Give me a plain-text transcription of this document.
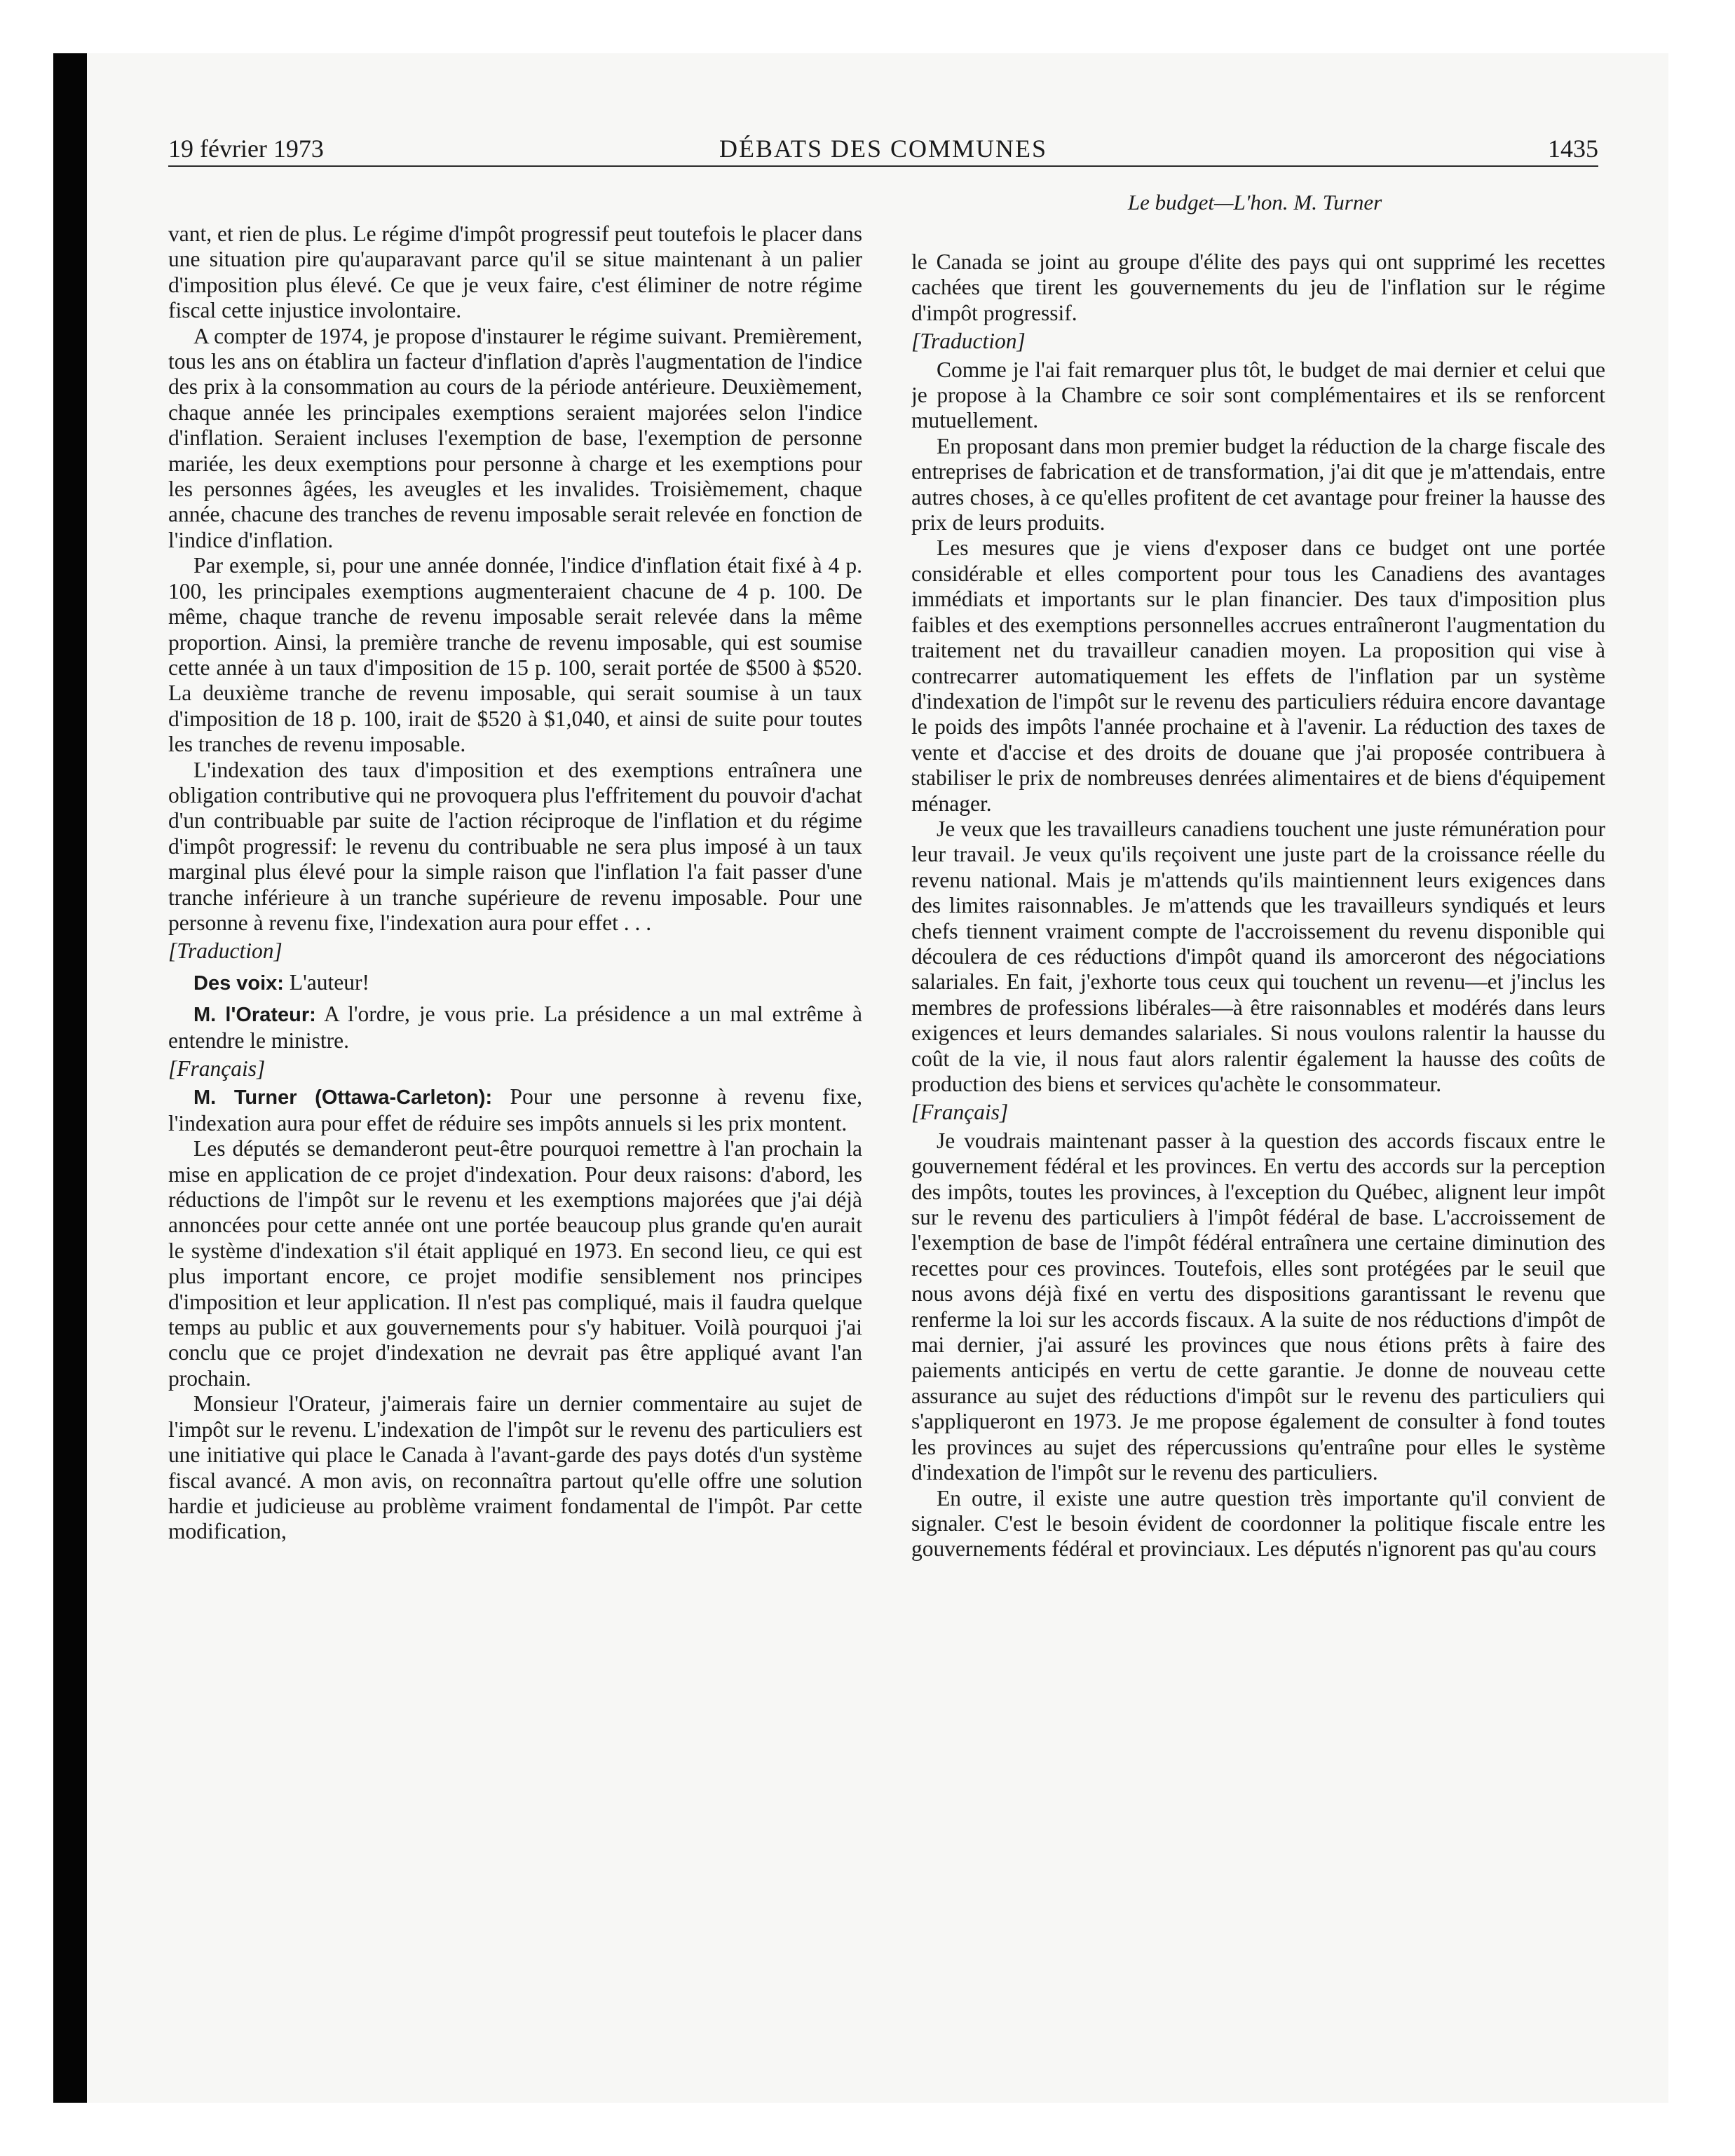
19 février 1973	DÉBATS DES COMMUNES	1435
Le budget—L'hon. M. Turner

vant, et rien de plus. Le régime d'impôt progressif peut toutefois le placer dans une situation pire qu'auparavant parce qu'il se situe maintenant à un palier d'imposition plus élevé. Ce que je veux faire, c'est éliminer de notre régime fiscal cette injustice involontaire.

A compter de 1974, je propose d'instaurer le régime suivant. Premièrement, tous les ans on établira un facteur d'inflation d'après l'augmentation de l'indice des prix à la consommation au cours de la période antérieure. Deuxièmement, chaque année les principales exemptions seraient majorées selon l'indice d'inflation. Seraient incluses l'exemption de base, l'exemption de personne mariée, les deux exemptions pour personne à charge et les exemptions pour les personnes âgées, les aveugles et les invalides. Troisièmement, chaque année, chacune des tranches de revenu imposable serait relevée en fonction de l'indice d'inflation.

Par exemple, si, pour une année donnée, l'indice d'inflation était fixé à 4 p. 100, les principales exemptions augmenteraient chacune de 4 p. 100. De même, chaque tranche de revenu imposable serait relevée dans la même proportion. Ainsi, la première tranche de revenu imposable, qui est soumise cette année à un taux d'imposition de 15 p. 100, serait portée de $500 à $520. La deuxième tranche de revenu imposable, qui serait soumise à un taux d'imposition de 18 p. 100, irait de $520 à $1,040, et ainsi de suite pour toutes les tranches de revenu imposable.

L'indexation des taux d'imposition et des exemptions entraînera une obligation contributive qui ne provoquera plus l'effritement du pouvoir d'achat d'un contribuable par suite de l'action réciproque de l'inflation et du régime d'impôt progressif: le revenu du contribuable ne sera plus imposé à un taux marginal plus élevé pour la simple raison que l'inflation l'a fait passer d'une tranche inférieure à un tranche supérieure de revenu imposable. Pour une personne à revenu fixe, l'indexation aura pour effet . . .

[Traduction]

Des voix: L'auteur!

M. l'Orateur: A l'ordre, je vous prie. La présidence a un mal extrême à entendre le ministre.

[Français]

M. Turner (Ottawa-Carleton): Pour une personne à revenu fixe, l'indexation aura pour effet de réduire ses impôts annuels si les prix montent.

Les députés se demanderont peut-être pourquoi remettre à l'an prochain la mise en application de ce projet d'indexation. Pour deux raisons: d'abord, les réductions de l'impôt sur le revenu et les exemptions majorées que j'ai déjà annoncées pour cette année ont une portée beaucoup plus grande qu'en aurait le système d'indexation s'il était appliqué en 1973. En second lieu, ce qui est plus important encore, ce projet modifie sensiblement nos principes d'imposition et leur application. Il n'est pas compliqué, mais il faudra quelque temps au public et aux gouvernements pour s'y habituer. Voilà pourquoi j'ai conclu que ce projet d'indexation ne devrait pas être appliqué avant l'an prochain.

Monsieur l'Orateur, j'aimerais faire un dernier commentaire au sujet de l'impôt sur le revenu. L'indexation de l'impôt sur le revenu des particuliers est une initiative qui place le Canada à l'avant-garde des pays dotés d'un système fiscal avancé. A mon avis, on reconnaîtra partout qu'elle offre une solution hardie et judicieuse au problème vraiment fondamental de l'impôt. Par cette modification,

le Canada se joint au groupe d'élite des pays qui ont supprimé les recettes cachées que tirent les gouvernements du jeu de l'inflation sur le régime d'impôt progressif.

[Traduction]

Comme je l'ai fait remarquer plus tôt, le budget de mai dernier et celui que je propose à la Chambre ce soir sont complémentaires et ils se renforcent mutuellement.

En proposant dans mon premier budget la réduction de la charge fiscale des entreprises de fabrication et de transformation, j'ai dit que je m'attendais, entre autres choses, à ce qu'elles profitent de cet avantage pour freiner la hausse des prix de leurs produits.

Les mesures que je viens d'exposer dans ce budget ont une portée considérable et elles comportent pour tous les Canadiens des avantages immédiats et importants sur le plan financier. Des taux d'imposition plus faibles et des exemptions personnelles accrues entraîneront l'augmentation du traitement net du travailleur canadien moyen. La proposition qui vise à contrecarrer automatiquement les effets de l'inflation par un système d'indexation de l'impôt sur le revenu des particuliers réduira encore davantage le poids des impôts l'année prochaine et à l'avenir. La réduction des taxes de vente et d'accise et des droits de douane que j'ai proposée contribuera à stabiliser le prix de nombreuses denrées alimentaires et de biens d'équipement ménager.

Je veux que les travailleurs canadiens touchent une juste rémunération pour leur travail. Je veux qu'ils reçoivent une juste part de la croissance réelle du revenu national. Mais je m'attends qu'ils maintiennent leurs exigences dans des limites raisonnables. Je m'attends que les travailleurs syndiqués et leurs chefs tiennent vraiment compte de l'accroissement du revenu disponible qui découlera de ces réductions d'impôt quand ils amorceront des négociations salariales. En fait, j'exhorte tous ceux qui touchent un revenu—et j'inclus les membres de professions libérales—à être raisonnables et modérés dans leurs exigences et leurs demandes salariales. Si nous voulons ralentir la hausse du coût de la vie, il nous faut alors ralentir également la hausse des coûts de production des biens et services qu'achète le consommateur.

[Français]

Je voudrais maintenant passer à la question des accords fiscaux entre le gouvernement fédéral et les provinces. En vertu des accords sur la perception des impôts, toutes les provinces, à l'exception du Québec, alignent leur impôt sur le revenu des particuliers à l'impôt fédéral de base. L'accroissement de l'exemption de base de l'impôt fédéral entraînera une certaine diminution des recettes pour ces provinces. Toutefois, elles sont protégées par le seuil que nous avons déjà fixé en vertu des dispositions garantissant le revenu que renferme la loi sur les accords fiscaux. A la suite de nos réductions d'impôt de mai dernier, j'ai assuré les provinces que nous étions prêts à faire des paiements anticipés en vertu de cette garantie. Je donne de nouveau cette assurance au sujet des réductions d'impôt sur le revenu des particuliers qui s'appliqueront en 1973. Je me propose également de consulter à fond toutes les provinces au sujet des répercussions qu'entraîne pour elles le système d'indexation de l'impôt sur le revenu des particuliers.

En outre, il existe une autre question très importante qu'il convient de signaler. C'est le besoin évident de coordonner la politique fiscale entre les gouvernements fédéral et provinciaux. Les députés n'ignorent pas qu'au cours
